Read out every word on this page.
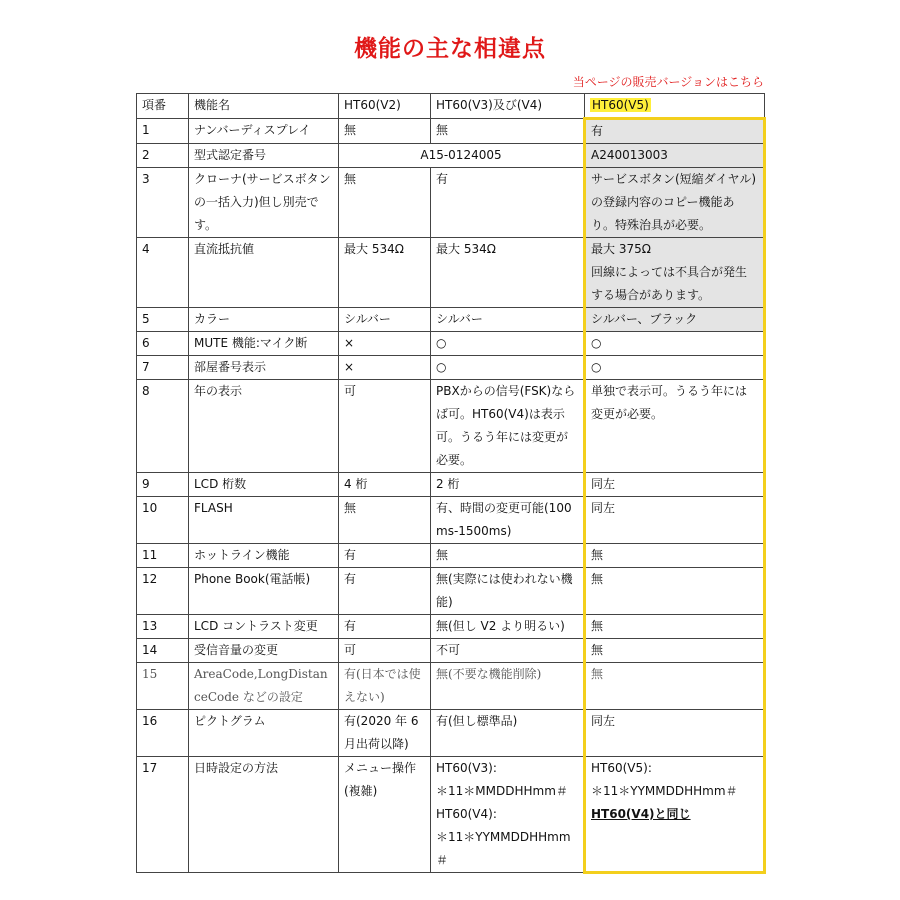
機能の主な相違点
当ページの販売バージョンはこちら
項番	機能名	HT60(V2)	HT60(V3)及び(V4)	HT60(V5)
1	ナンバーディスプレイ	無	無	有
2	型式認定番号	A15-0124005		A240013003
3	クローナ(サービスボタンの一括入力)但し別売です。	無	有	サービスボタン(短縮ダイヤル)の登録内容のコピー機能あり。特殊治具が必要。
4	直流抵抗値	最大 534Ω	最大 534Ω	最大 375Ω
回線によっては不具合が発生する場合があります。
5	カラー	シルバー	シルバー	シルバー、ブラック
6	MUTE 機能:マイク断	×	○	○
7	部屋番号表示	×	○	○
8	年の表示	可	PBXからの信号(FSK)ならば可。HT60(V4)は表示可。うるう年には変更が必要。	単独で表示可。うるう年には変更が必要。
9	LCD 桁数	4 桁	2 桁	同左
10	FLASH	無	有、時間の変更可能(100ms-1500ms)	同左
11	ホットライン機能	有	無	無
12	Phone Book(電話帳)	有	無(実際には使われない機能)	無
13	LCD コントラスト変更	有	無(但し V2 より明るい)	無
14	受信音量の変更	可	不可	無
15	AreaCode,LongDistanceCode などの設定	有(日本では使えない)	無(不要な機能削除)	無
16	ピクトグラム	有(2020 年 6 月出荷以降)	有(但し標準品)	同左
17	日時設定の方法	メニュー操作(複雑)	HT60(V3):
＊11＊MMDDHHmm＃
HT60(V4):
＊11＊YYMMDDHHmm＃	HT60(V5):
＊11＊YYMMDDHHmm＃
HT60(V4)と同じ
